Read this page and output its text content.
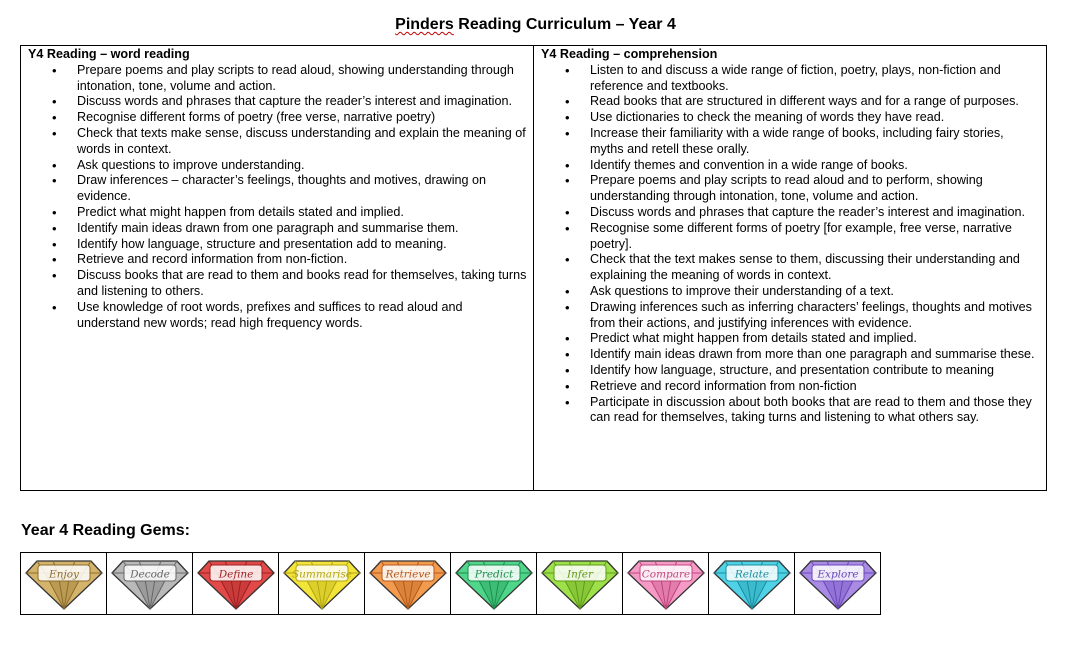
Pinders Reading Curriculum – Year 4
Y4 Reading – word reading
• Prepare poems and play scripts to read aloud, showing understanding through intonation, tone, volume and action.
• Discuss words and phrases that capture the reader’s interest and imagination.
• Recognise different forms of poetry (free verse, narrative poetry)
• Check that texts make sense, discuss understanding and explain the meaning of words in context.
• Ask questions to improve understanding.
• Draw inferences – character’s feelings, thoughts and motives, drawing on evidence.
• Predict what might happen from details stated and implied.
• Identify main ideas drawn from one paragraph and summarise them.
• Identify how language, structure and presentation add to meaning.
• Retrieve and record information from non-fiction.
• Discuss books that are read to them and books read for themselves, taking turns and listening to others.
• Use knowledge of root words, prefixes and suffices to read aloud and understand new words; read high frequency words.
Y4 Reading – comprehension
• Listen to and discuss a wide range of fiction, poetry, plays, non-fiction and reference and textbooks.
• Read books that are structured in different ways and for a range of purposes.
• Use dictionaries to check the meaning of words they have read.
• Increase their familiarity with a wide range of books, including fairy stories, myths and retell these orally.
• Identify themes and convention in a wide range of books.
• Prepare poems and play scripts to read aloud and to perform, showing understanding through intonation, tone, volume and action.
• Discuss words and phrases that capture the reader’s interest and imagination.
• Recognise some different forms of poetry [for example, free verse, narrative poetry].
• Check that the text makes sense to them, discussing their understanding and explaining the meaning of words in context.
• Ask questions to improve their understanding of a text.
• Drawing inferences such as inferring characters’ feelings, thoughts and motives from their actions, and justifying inferences with evidence.
• Predict what might happen from details stated and implied.
• Identify main ideas drawn from more than one paragraph and summarise these.
• Identify how language, structure, and presentation contribute to meaning
• Retrieve and record information from non-fiction
• Participate in discussion about both books that are read to them and those they can read for themselves, taking turns and listening to what others say.
Year 4 Reading Gems:
Enjoy	Decode	Define	Summarise	Retrieve	Predict	Infer	Compare	Relate	Explore
